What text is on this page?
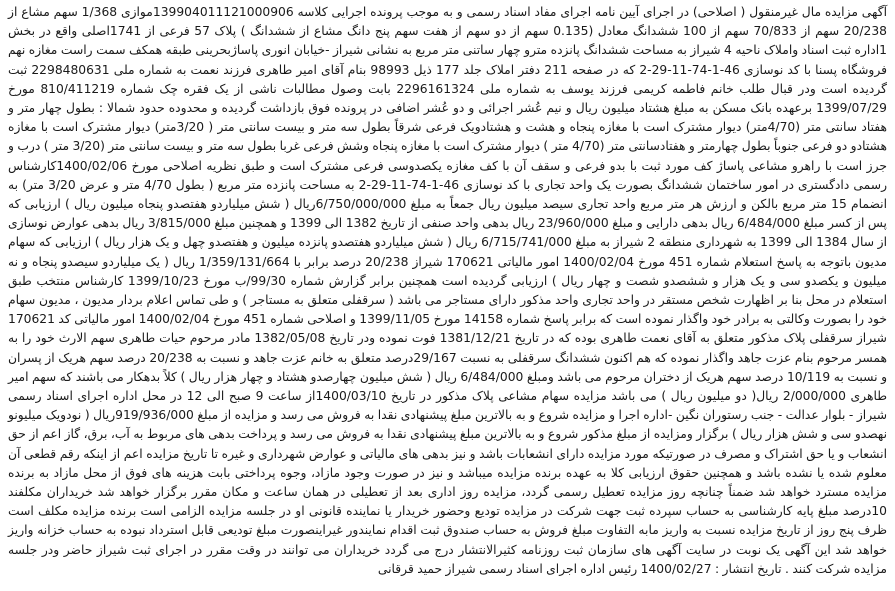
آگهی مزایده مال غیرمنقول ( اصلاحی) در اجرای آیین نامه اجرای مفاد اسناد رسمی و به موجب پرونده اجرایی کلاسه 139904011121000906موازی 1/368 سهم مشاع از 20/238 سهم از 70/833 سهم از 100 ششدانگ معادل (0.135 سهم از دو سهم از هفت سهم پنج دانگ مشاع از ششدانگ ) پلاک 57 فرعی از 1741اصلی واقع در بخش 1اداره ثبت اسناد واملاک ناحیه 4 شیراز به مساحت ششدانگ پانزده مترو چهار ساتنی متر مربع به نشانی شیراز -خیابان انوری پاساژبحرینی طبقه همکف سمت راست مغازه نهم فروشگاه پسنا با کد نوسازی 46-1-74-11-29-2 که در صفحه 211 دفتر املاک جلد 177 ذیل 98993 بنام آقای امیر طاهری فرزند نعمت به شماره ملی 2298480631 ثبت گردیده است ودر قبال طلب خانم فاطمه کریمی فرزند یوسف به شماره ملی 2296161324 بابت وصول مطالبات ناشی از یک فقره چک شماره 810/411219 مورخ 1399/07/29 برعهده بانک مسکن به مبلغ هشتاد میلیون ریال و نیم عُشر اجرائی و دو عُشر اضافی در پرونده فوق بازداشت گردیده و محدوده حدود شمالا : بطول چهار متر و هفتاد سانتی متر (4/70متر) دیوار مشترک است با مغازه پنجاه و هشت و هشتادویک فرعی شرقاً بطول سه متر و بیست سانتی متر ( 3/20متر) دیوار مشترک است با مغازه هشتادو دو فرعی جنوباً بطول چهارمتر و هفتادسانتی متر (4/70 متر ) دیوار مشترک است با مغازه پنجاه وشش فرعی غربا بطول سه متر و بیست سانتی متر (3/20 متر ) درب و جرز است با راهرو مشاعی پاساژ کف مورد ثبت با بدو فرعی و سقف آن با کف مغازه یکصدوسی فرعی مشترک است و طبق نظریه اصلاحی مورخ 1400/02/06کارشناس رسمی دادگستری در امور ساختمان ششدانگ بصورت یک واحد تجاری با کد نوسازی 46-1-74-11-29-2 به مساحت پانزده متر مربع ( بطول 4/70 متر و عرض 3/20 متر) به انضمام 15 متر مربع بالکن و ارزش هر متر مربع واحد تجاری سیصد میلیون ریال جمعاً به مبلغ 6/750/000/000ریال ( شش میلیاردو هفتصدو پنجاه میلیون ریال ) ارزیابی که پس از کسر مبلغ 6/484/000 ریال بدهی دارایی و مبلغ 23/960/000 ریال بدهی واحد صنفی از تاریخ 1382 الی 1399 و همچنین مبلغ 3/815/000 ریال بدهی عوارض نوسازی از سال 1384 الی 1399 به شهرداری منطقه 2 شیراز به مبلغ 6/715/741/000 ریال ( شش میلیاردو هفتصدو پانزده میلیون و هفتصدو چهل و یک هزار ریال ) ارزیابی که سهام مدیون باتوجه به پاسخ استعلام شماره 451 مورخ 1400/02/04 امور مالیاتی 170621 شیراز 20/238 درصد برابر با 1/359/131/664 ریال ( یک میلیاردو سیصدو پنجاه و نه میلیون و یکصدو سی و یک هزار و ششصدو شصت و چهار ریال ) ارزیابی گردیده است همچنین برابر گزارش شماره 99/30/ب مورخ 1399/10/23 کارشناس منتخب طبق استعلام در محل بنا بر اظهارت شخص مستقر در واحد تجاری واحد مذکور دارای مستاجر می باشد ( سرقفلی متعلق به مستاجر ) و طی تماس اعلام بردار مدیون ، مدیون سهام خود را بصورت وکالتی به برادر خود واگذار نموده است که برابر پاسخ شماره 14158 مورخ 1399/11/05 و اصلاحی شماره 451 مورخ 1400/02/04 امور مالیاتی کد 170621 شیراز سرقفلی پلاک مذکور متعلق به آقای نعمت طاهری بوده که در تاریخ 1381/12/21 فوت نموده ودر تاریخ 1382/05/08 مادر مرحوم حیات طاهری سهم الارث خود را به همسر مرحوم بنام عزت جاهد واگذار نموده که هم اکنون ششدانگ سرقفلی به نسبت 29/167درصد متعلق به خانم عزت جاهد و نسبت به 20/238 درصد سهم هریک از پسران و نسبت به 10/119 درصد سهم هریک از دختران مرحوم می باشد ومبلغ 6/484/000 ریال ( شش میلیون چهارصدو هشتاد و چهار هزار ریال ) کلاً بدهکار می باشند که سهم امیر طاهری 2/000/000 ریال( دو میلیون ریال ) می باشد مزایده سهام مشاعی پلاک مذکور در تاریخ 1400/03/10از ساعت 9 صبح الی 12 در محل اداره اجرای اسناد رسمی شیراز - بلوار عدالت - جنب رستوران نگین -اداره اجرا و مزایده شروع و به بالاترین مبلغ پیشنهادی نقدا به فروش می رسد و مزایده از مبلغ 919/936/000ریال ( نودویک میلیونو نهصدو سی و شش هزار ریال ) برگزار ومزایده از مبلغ مذکور شروع و به بالاترین مبلغ پیشنهادی نقدا به فروش می رسد و پرداخت بدهی های مربوط به آب، برق، گاز اعم از حق انشعاب و یا حق اشتراک و مصرف در صورتیکه مورد مزایده دارای انشعابات باشد و نیز بدهی های مالیاتی و عوارض شهرداری و غیره تا تاریخ مزایده اعم از اینکه رقم قطعی آن معلوم شده یا نشده باشد و همچنین حقوق ارزیابی کلا به عهده برنده مزایده میباشد و نیز در صورت وجود مازاد، وجوه پرداختی بابت هزینه های فوق از محل مازاد به برنده مزایده مسترد خواهد شد ضمناً چنانچه روز مزایده تعطیل رسمی گردد، مزایده روز اداری بعد از تعطیلی در همان ساعت و مکان مقرر برگزار خواهد شد خریداران مکلفند 10درصد مبلغ پایه کارشناسی به حساب سپرده ثبت جهت شرکت در مزایده تودیع وحضور خریدار یا نماینده قانونی او در جلسه مزایده الزامی است برنده مزایده مکلف است ظرف پنج روز از تاریخ مزایده نسبت به واریز مابه التفاوت مبلغ فروش به حساب صندوق ثبت اقدام نمایندور غیراینصورت مبلغ تودیعی قابل استرداد نبوده به حساب خزانه واریز خواهد شد این آگهی یک نوبت در سایت آگهی های سازمان ثبت روزنامه کثیرالانتشار درج می گردد خریداران می توانند در وقت مقرر در اجرای ثبت شیراز حاضر ودر جلسه مزایده شرکت کنند . تاریخ انتشار : 1400/02/27 رئیس اداره اجرای اسناد رسمی شیراز حمید قرقانی
